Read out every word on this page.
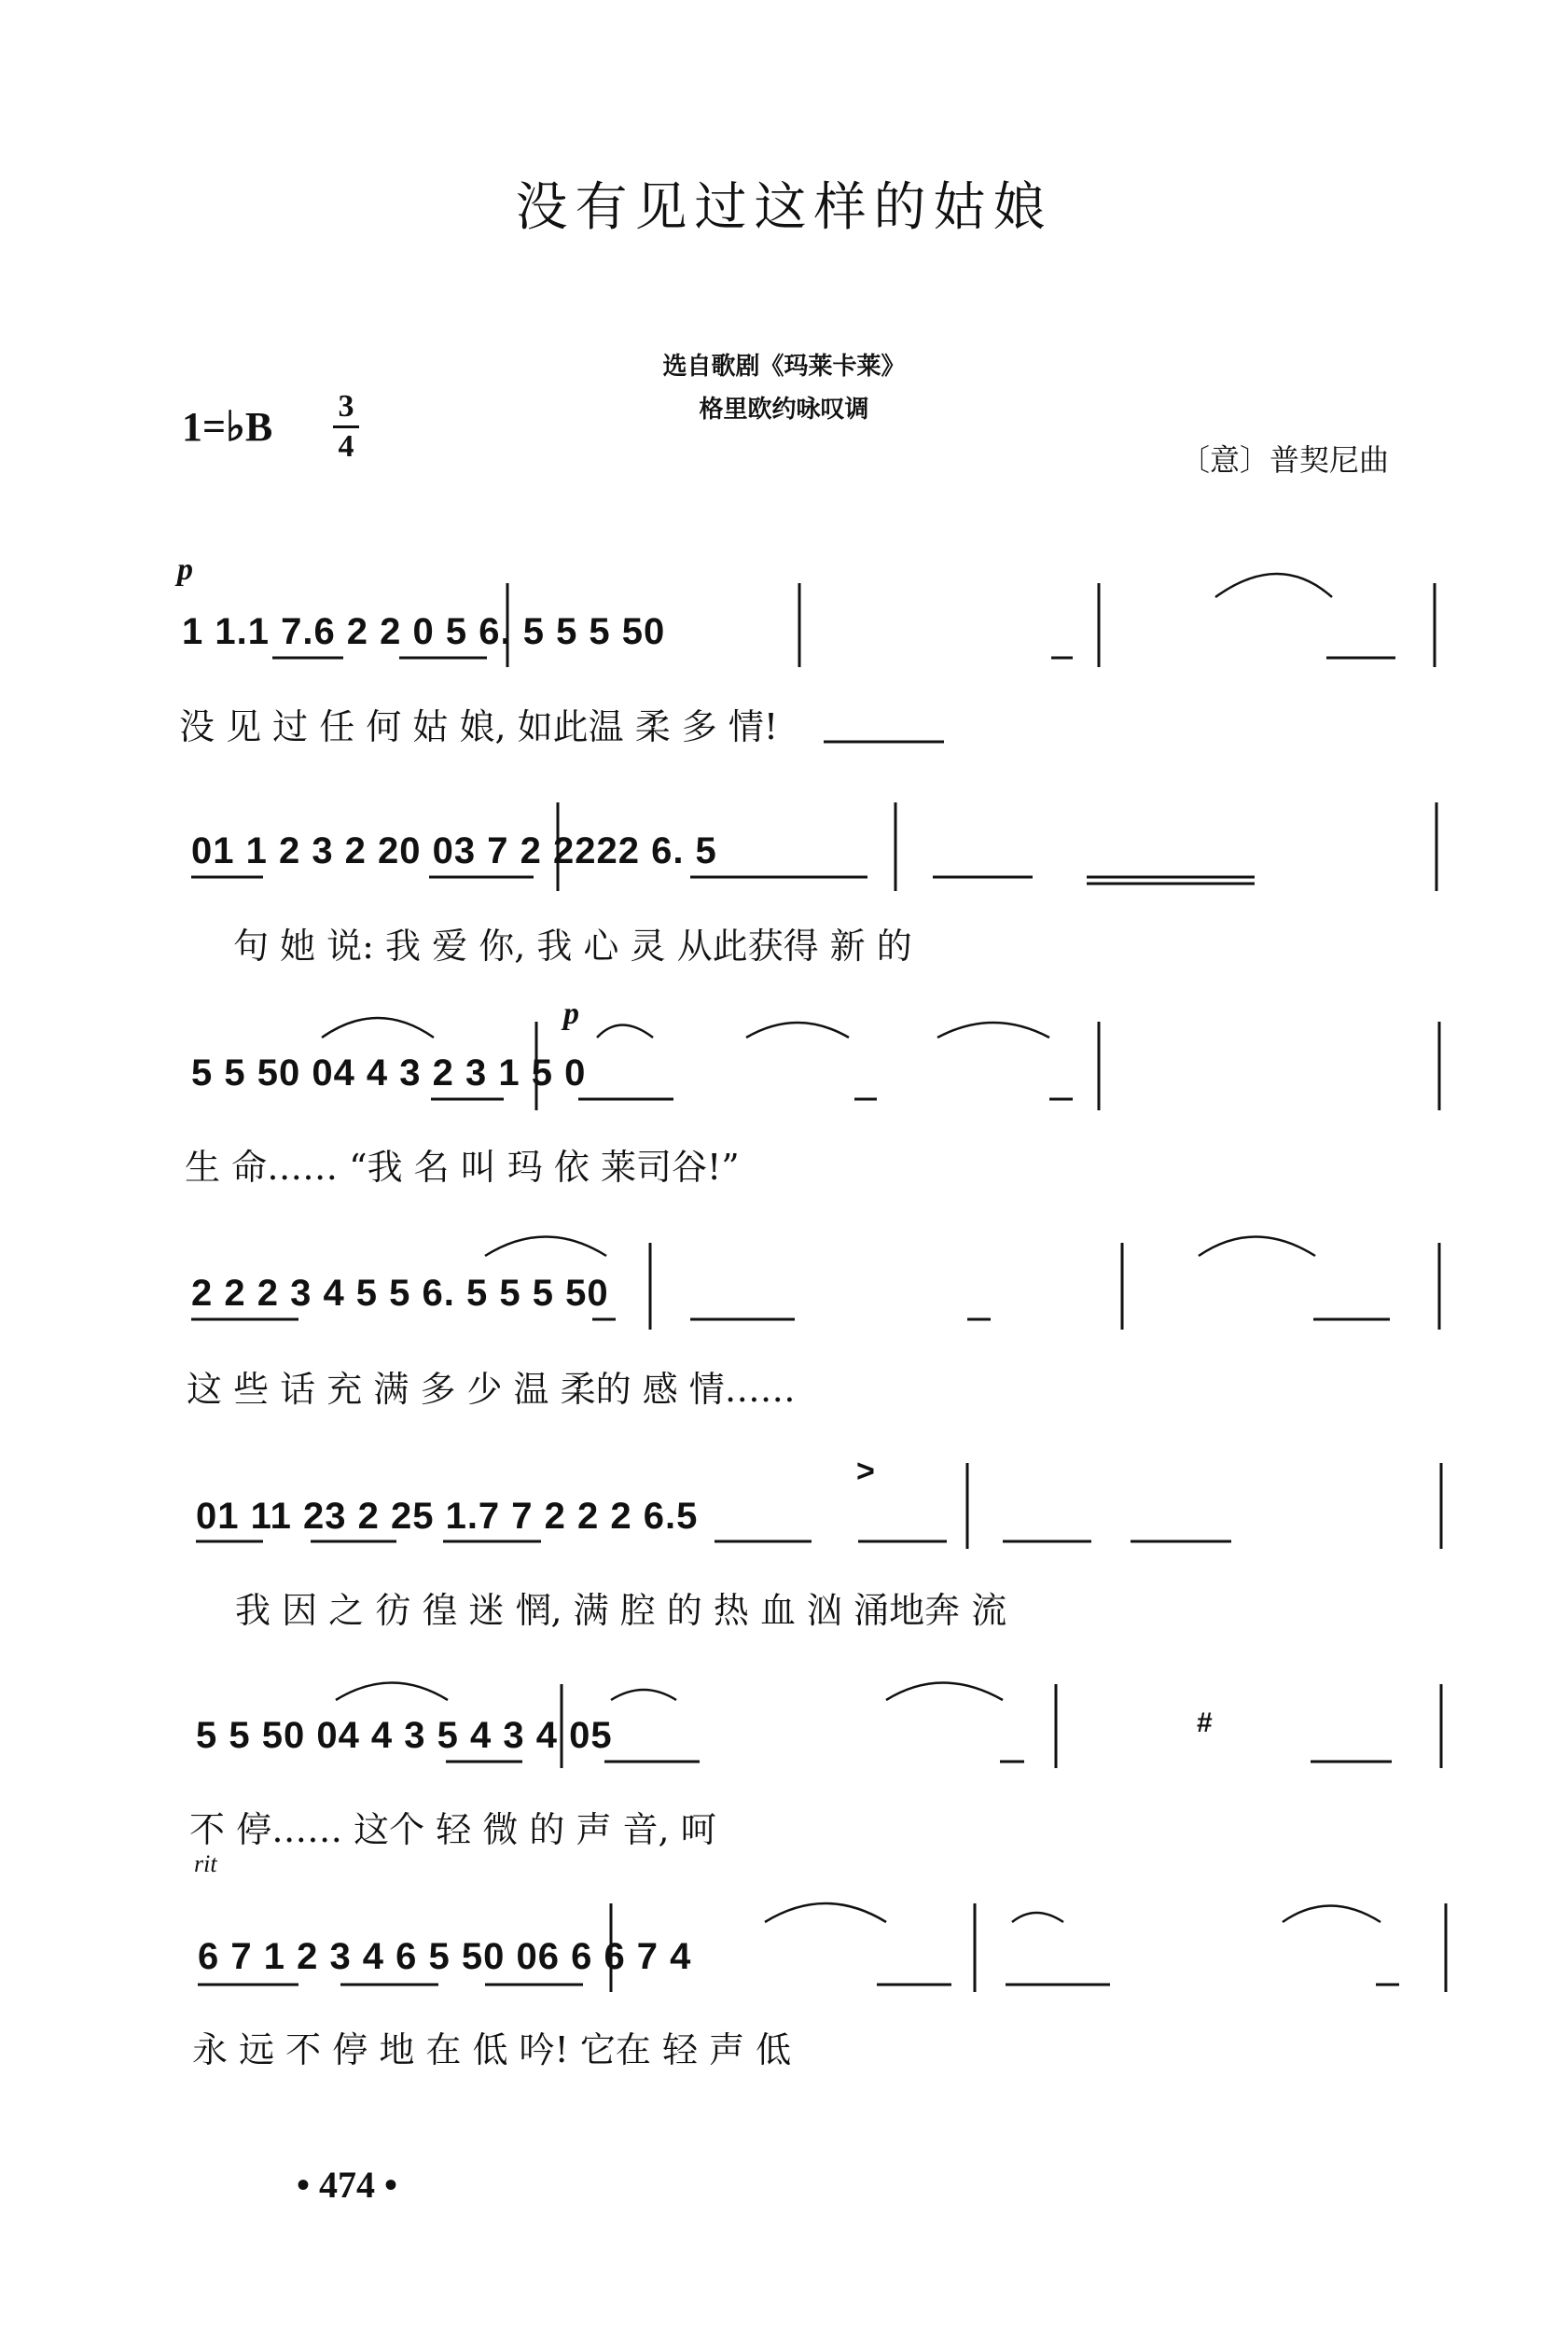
没有见过这样的姑娘
选自歌剧《玛莱卡莱》
格里欧约咏叹调
1=♭B 3
4	〔意〕普契尼曲
p
p
rit
>
#
1 1.1 7.6 2 2 0 5 6. 5 5 5 50
没 见 过 任 何 姑 娘, 如此温 柔 多 情!
01 1 2 3 2 20 03 7 2 2222 6. 5
句 她 说: 我 爱 你, 我 心 灵 从此获得 新 的
5 5 50 04 4 3 2 3 1 5 0
生 命…… “我 名 叫 玛 依 莱司谷!”
2 2 2 3 4 5 5 6. 5 5 5 50
这 些 话 充 满 多 少 温 柔的 感 情……
01 11 23 2 25 1.7 7 2 2 2 6.5
我 因 之 彷 徨 迷 惘, 满 腔 的 热 血 汹 涌地奔 流
5 5 50 04 4 3 5 4 3 4 05
不 停…… 这个 轻 微 的 声 音, 呵
6 7 1 2 3 4 6 5 50 06 6 6 7 4
永 远 不 停 地 在 低 吟! 它在 轻 声 低
• 474 •
